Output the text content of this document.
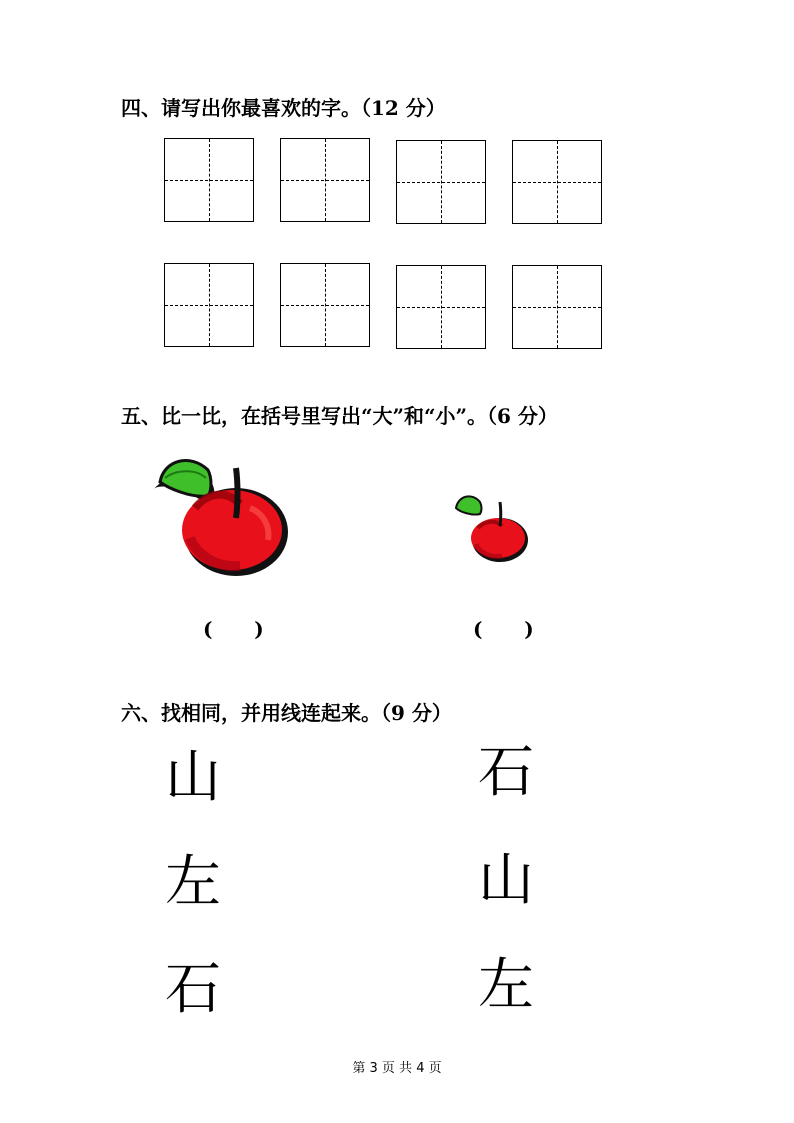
四、请写出你最喜欢的字。（12 分）
五、比一比，在括号里写出“大”和“小”。（6 分）
(      )	(      )
六、找相同，并用线连起来。（9 分）
山
左
石
石
山
左
第 3 页 共 4 页
